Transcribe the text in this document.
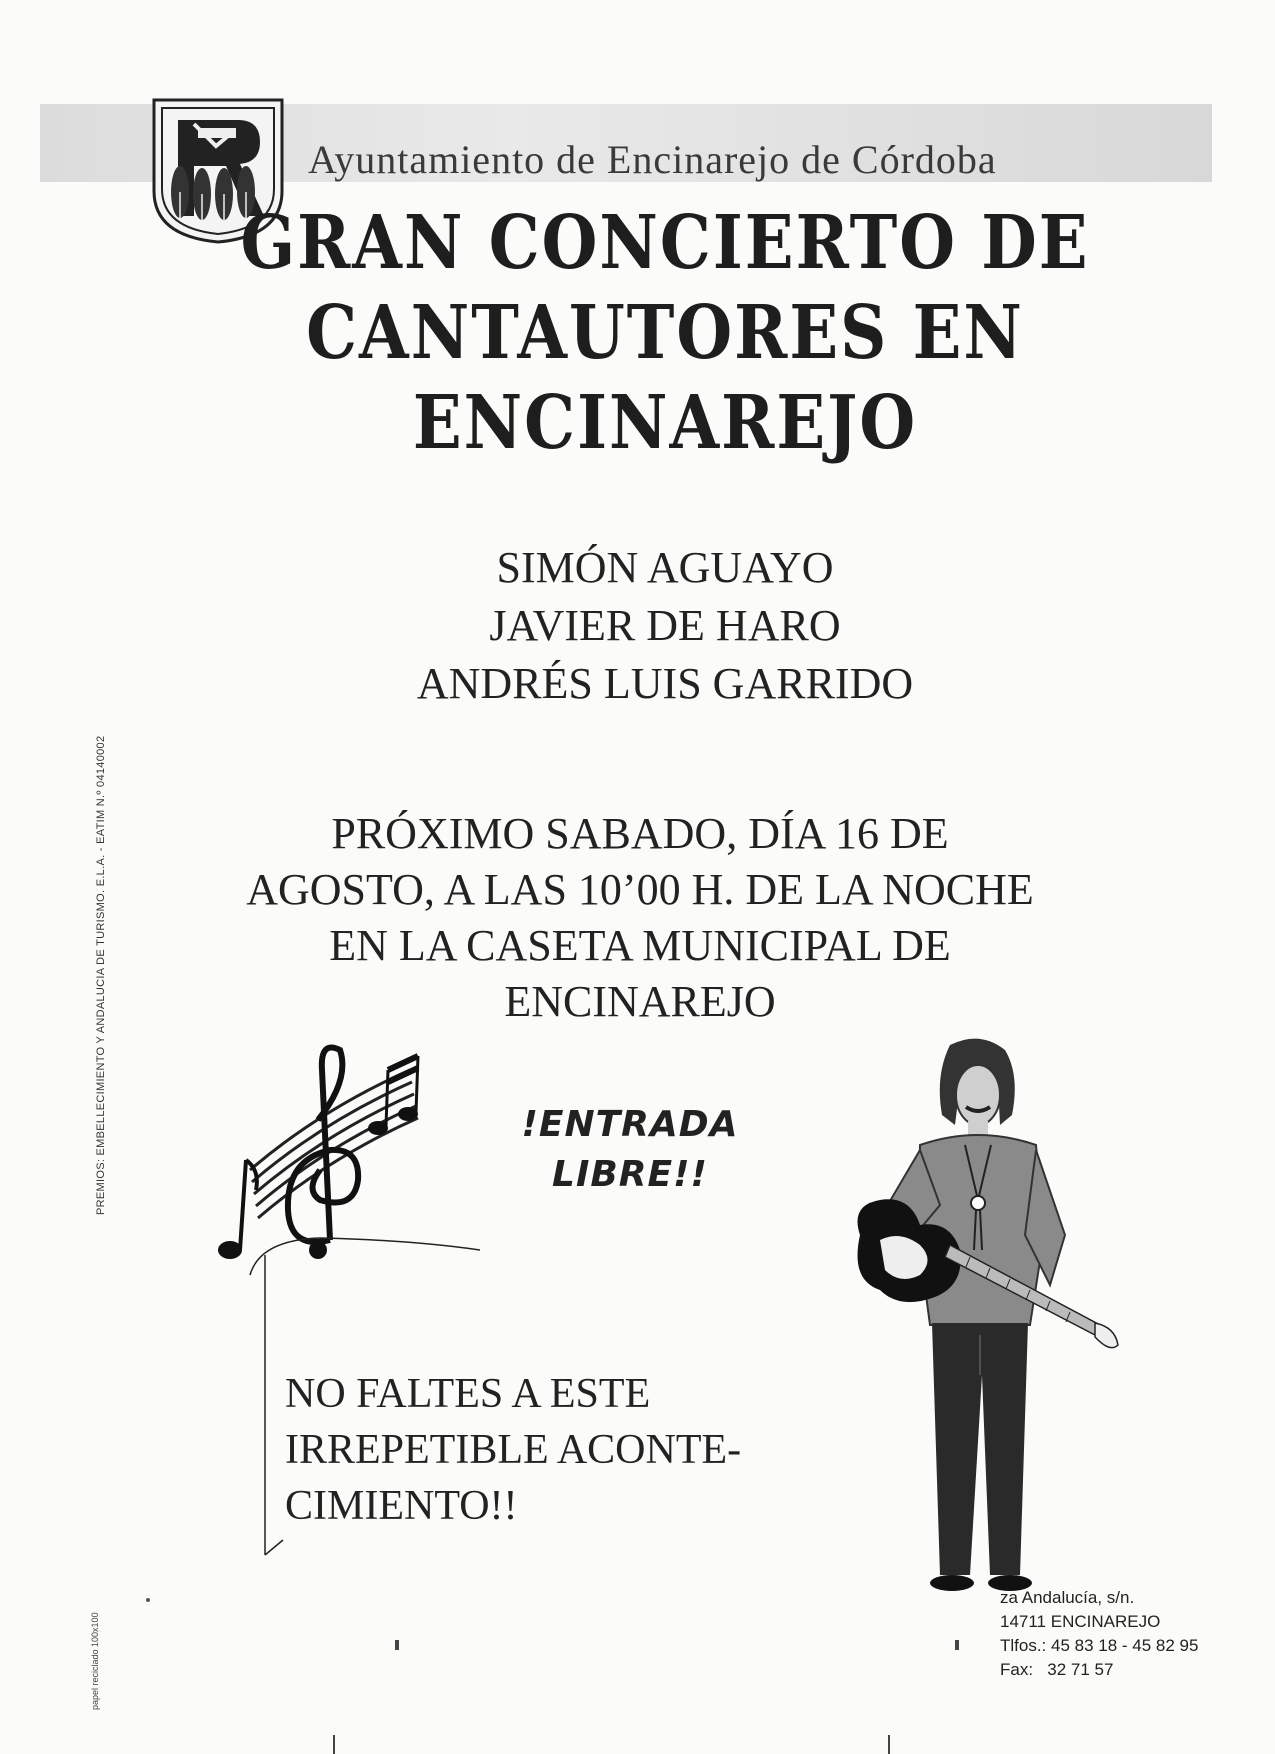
Ayuntamiento de Encinarejo de Córdoba
GRAN CONCIERTO DE
CANTAUTORES EN
ENCINAREJO
SIMÓN AGUAYO
JAVIER DE HARO
ANDRÉS LUIS GARRIDO
PRÓXIMO SABADO, DÍA 16 DE
AGOSTO, A LAS 10’00 H. DE LA NOCHE
EN LA CASETA MUNICIPAL DE
ENCINAREJO
!ENTRADA
LIBRE!!
NO FALTES A ESTE
IRREPETIBLE ACONTE-
CIMIENTO!!
za Andalucía, s/n.
14711 ENCINAREJO
Tlfos.: 45 83 18 - 45 82 95
Fax: 32 71 57
PREMIOS: EMBELLECIMIENTO Y ANDALUCIA DE TURISMO. E.L.A. - EATIM N.º 04140002
papel reciclado 100x100
